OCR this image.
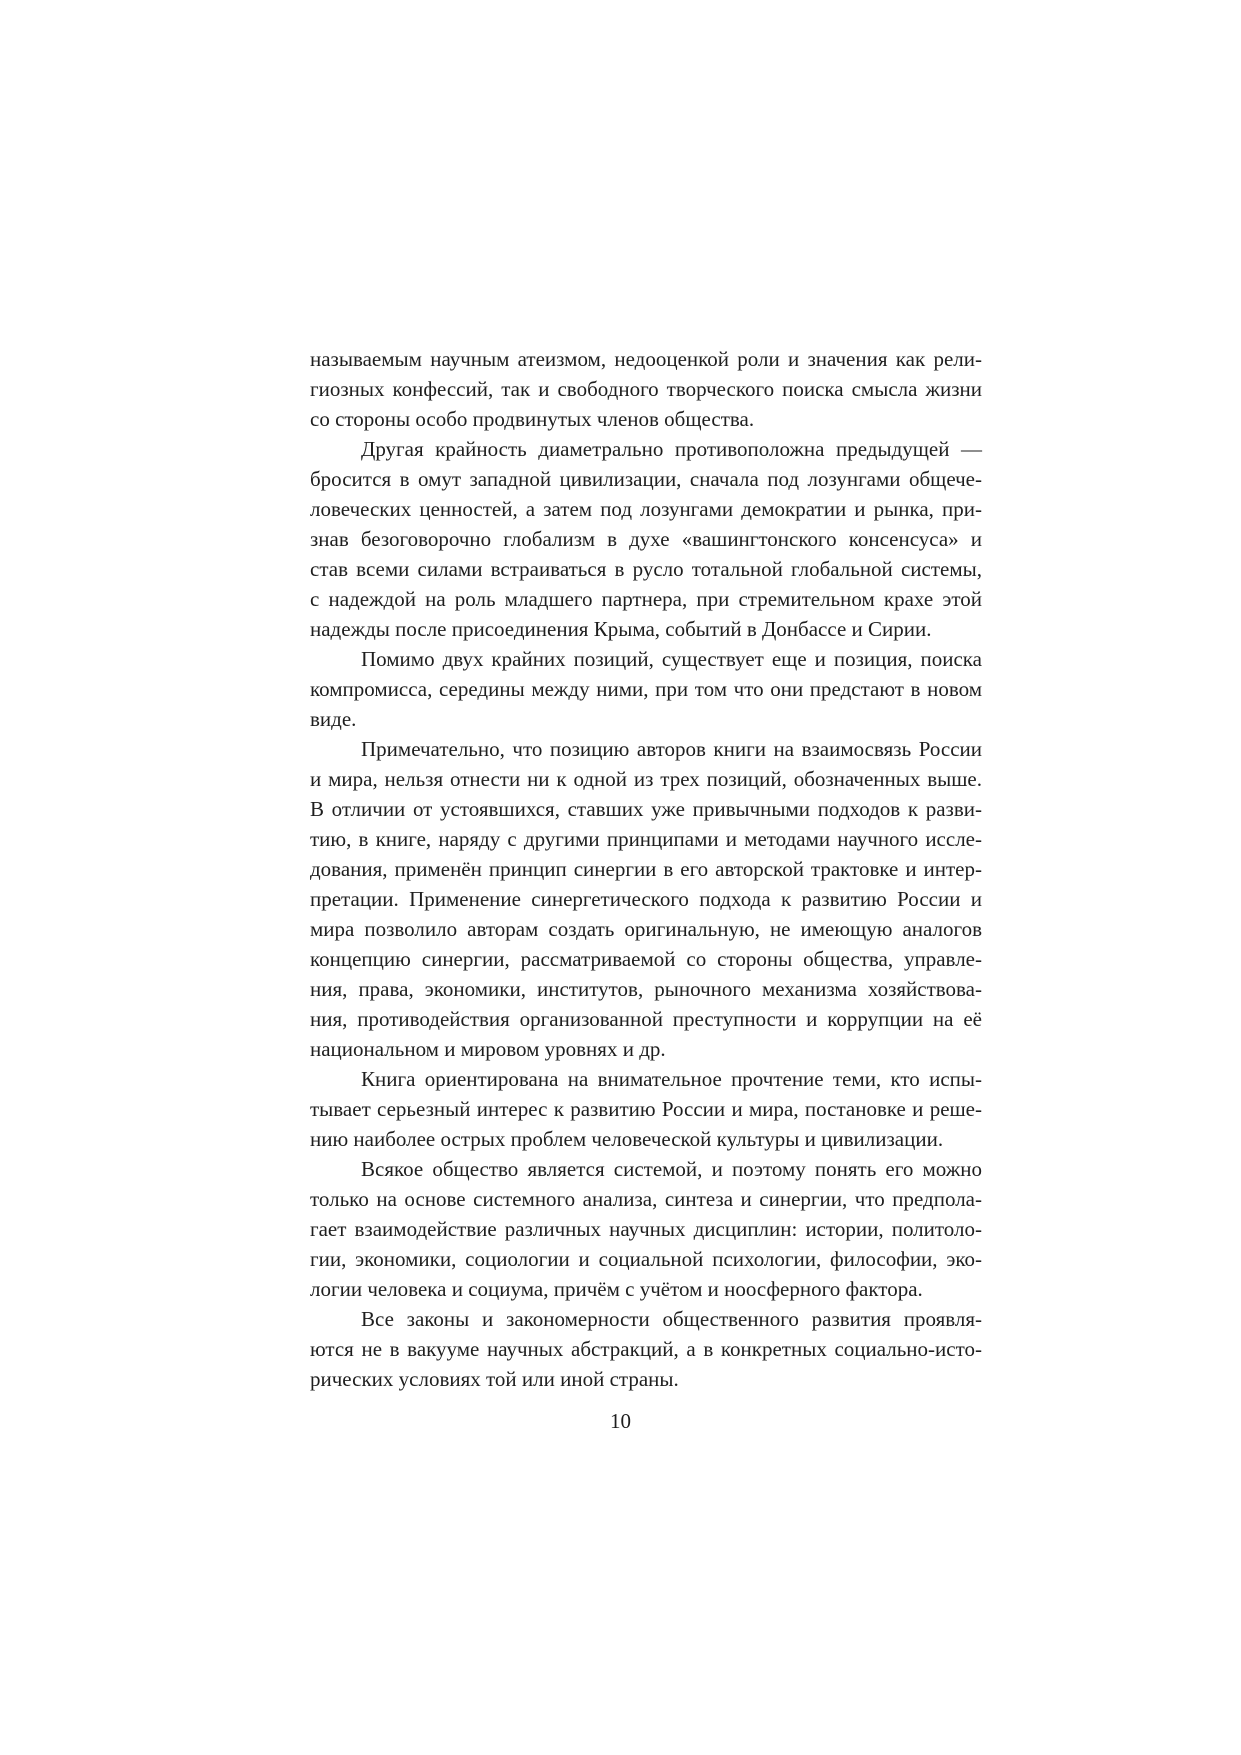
называемым научным атеизмом, недооценкой роли и значения как рели-
гиозных конфессий, так и свободного творческого поиска смысла жизни
со стороны особо продвинутых членов общества.

Другая крайность диаметрально противоположна предыдущей —
бросится в омут западной цивилизации, сначала под лозунгами общече-
ловеческих ценностей, а затем под лозунгами демократии и рынка, при-
знав безоговорочно глобализм в духе «вашингтонского консенсуса» и
став всеми силами встраиваться в русло тотальной глобальной системы,
с надеждой на роль младшего партнера, при стремительном крахе этой
надежды после присоединения Крыма, событий в Донбассе и Сирии.

Помимо двух крайних позиций, существует еще и позиция, поиска
компромисса, середины между ними, при том что они предстают в новом
виде.

Примечательно, что позицию авторов книги на взаимосвязь России
и мира, нельзя отнести ни к одной из трех позиций, обозначенных выше.
В отличии от устоявшихся, ставших уже привычными подходов к разви-
тию, в книге, наряду с другими принципами и методами научного иссле-
дования, применён принцип синергии в его авторской трактовке и интер-
претации. Применение синергетического подхода к развитию России и
мира позволило авторам создать оригинальную, не имеющую аналогов
концепцию синергии, рассматриваемой со стороны общества, управле-
ния, права, экономики, институтов, рыночного механизма хозяйствова-
ния, противодействия организованной преступности и коррупции на её
национальном и мировом уровнях и др.

Книга ориентирована на внимательное прочтение теми, кто испы-
тывает серьезный интерес к развитию России и мира, постановке и реше-
нию наиболее острых проблем человеческой культуры и цивилизации.

Всякое общество является системой, и поэтому понять его можно
только на основе системного анализа, синтеза и синергии, что предпола-
гает взаимодействие различных научных дисциплин: истории, политоло-
гии, экономики, социологии и социальной психологии, философии, эко-
логии человека и социума, причём с учётом и ноосферного фактора.

Все законы и закономерности общественного развития проявля-
ются не в вакууме научных абстракций, а в конкретных социально-исто-
рических условиях той или иной страны.

10
